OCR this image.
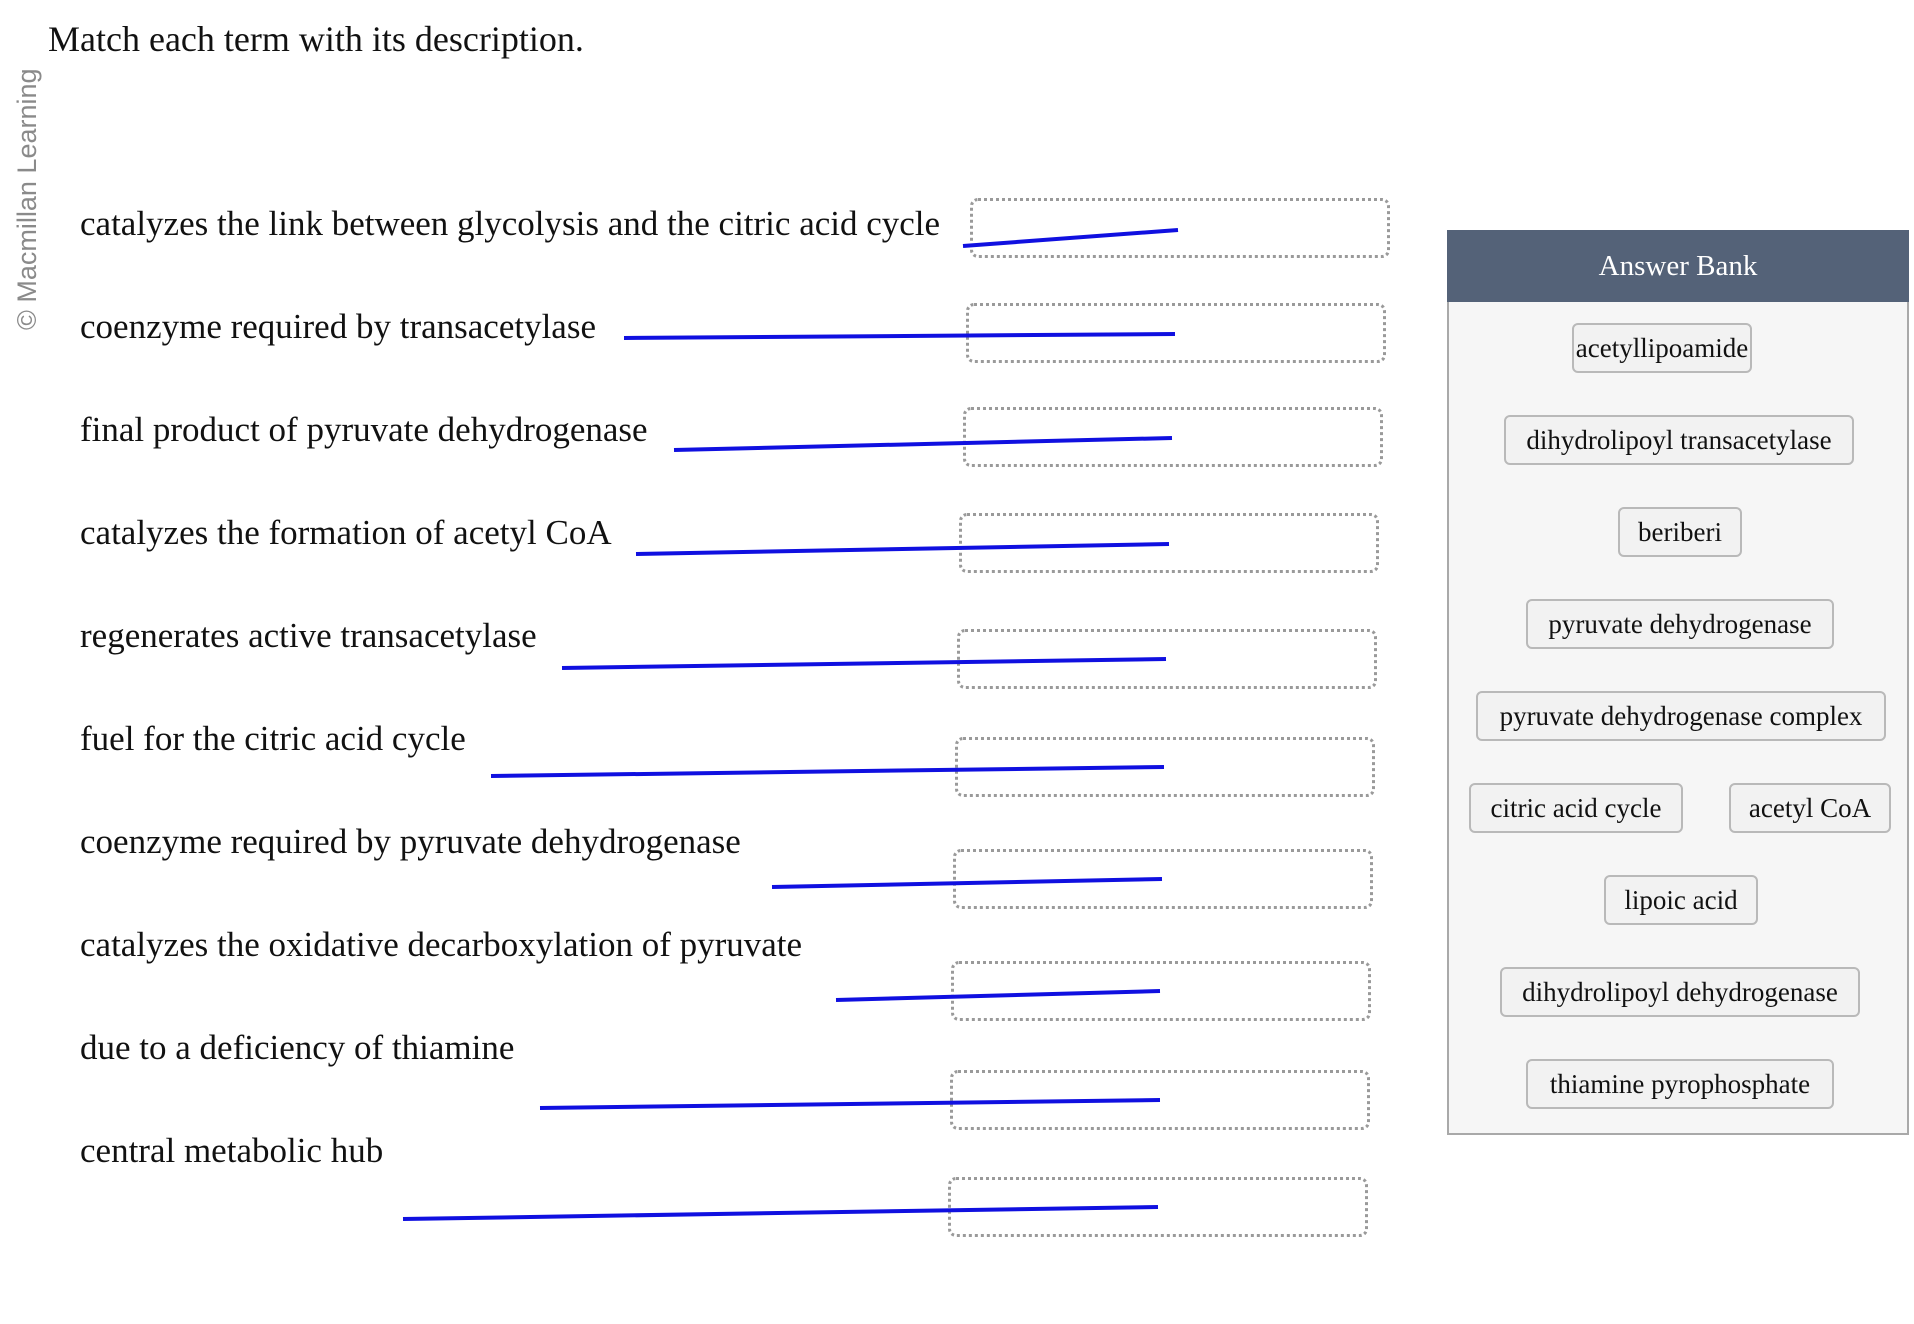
© Macmillan Learning
Match each term with its description.
catalyzes the link between glycolysis and the citric acid cycle
coenzyme required by transacetylase
final product of pyruvate dehydrogenase
catalyzes the formation of acetyl CoA
regenerates active transacetylase
fuel for the citric acid cycle
coenzyme required by pyruvate dehydrogenase
catalyzes the oxidative decarboxylation of pyruvate
due to a deficiency of thiamine
central metabolic hub
Answer Bank
acetyllipoamide
dihydrolipoyl transacetylase
beriberi
pyruvate dehydrogenase
pyruvate dehydrogenase complex
citric acid cycle	acetyl CoA
lipoic acid
dihydrolipoyl dehydrogenase
thiamine pyrophosphate
